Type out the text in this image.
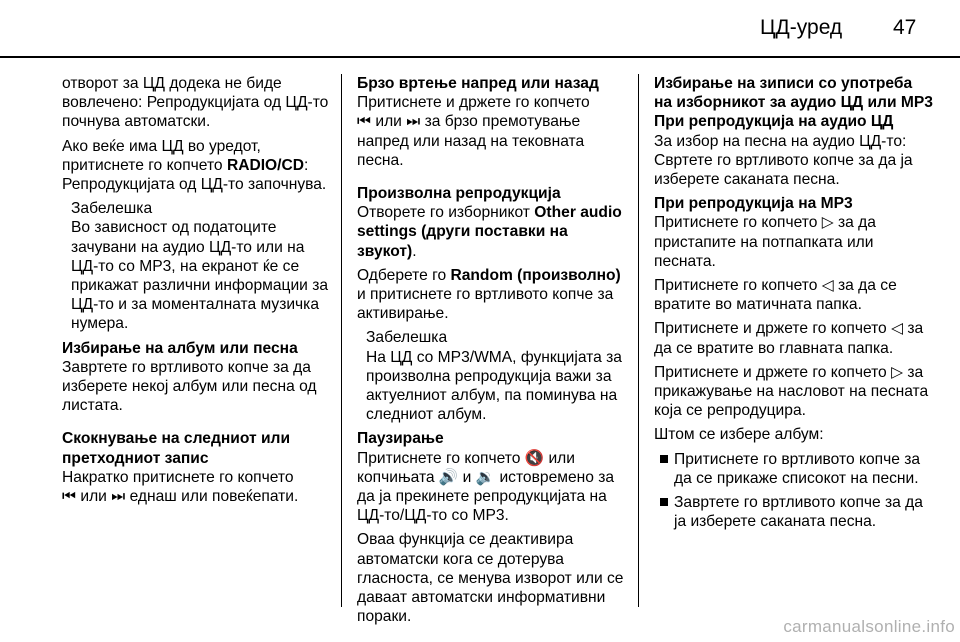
ЦД-уред 47

отворот за ЦД додека не биде вовлечено: Репродукцијата од ЦД-то почнува автоматски.

Ако веќе има ЦД во уредот, притиснете го копчето RADIO/CD: Репродукцијата од ЦД-то започнува.

Забелешка

Во зависност од податоците зачувани на аудио ЦД-то или на ЦД-то со MP3, на екранот ќе се прикажат различни информации за ЦД-то и за моменталната музичка нумера.

Избирање на албум или песна

Завртете го вртливото копче за да изберете некој албум или песна од листата.

Скокнување на следниот или претходниот запис

Накратко притиснете го копчето

⏮ или ⏭ еднаш или повеќепати.

Брзо вртење напред или назад

Притиснете и држете го копчето

⏮ или ⏭ за брзо премотување напред или назад на тековната песна.

Произволна репродукција

Отворете го изборникот Other audio settings (други поставки на звукот).

Одберете го Random (произволно) и притиснете го вртливото копче за активирање.

Забелешка

На ЦД со MP3/WMA, функцијата за произволна репродукција важи за актуелниот албум, па поминува на следниот албум.

Паузирање

Притиснете го копчето 🔇 или копчињата 🔊 и 🔉 истовремено за да ја прекинете репродукцијата на ЦД-то/ЦД-то со MP3.

Оваа функција се деактивира автоматски кога се дотерува гласноста, се менува изворот или се даваат автоматски информативни пораки.

Избирање на зиписи со употреба на изборникот за аудио ЦД или MP3

При репродукција на аудио ЦД

За избор на песна на аудио ЦД-то: Свртете го вртливото копче за да ја изберете саканата песна.

При репродукција на MP3

Притиснете го копчето ▷ за да пристапите на потпапката или песната.

Притиснете го копчето ◁ за да се вратите во матичната папка.

Притиснете и држете го копчето ◁ за да се вратите во главната папка.

Притиснете и држете го копчето ▷ за прикажување на насловот на песната која се репродуцира.

Штом се избере албум:

Притиснете го вртливото копче за да се прикаже списокот на песни.
Завртете го вртливото копче за да ја изберете саканата песна.
carmanualsonline.info
